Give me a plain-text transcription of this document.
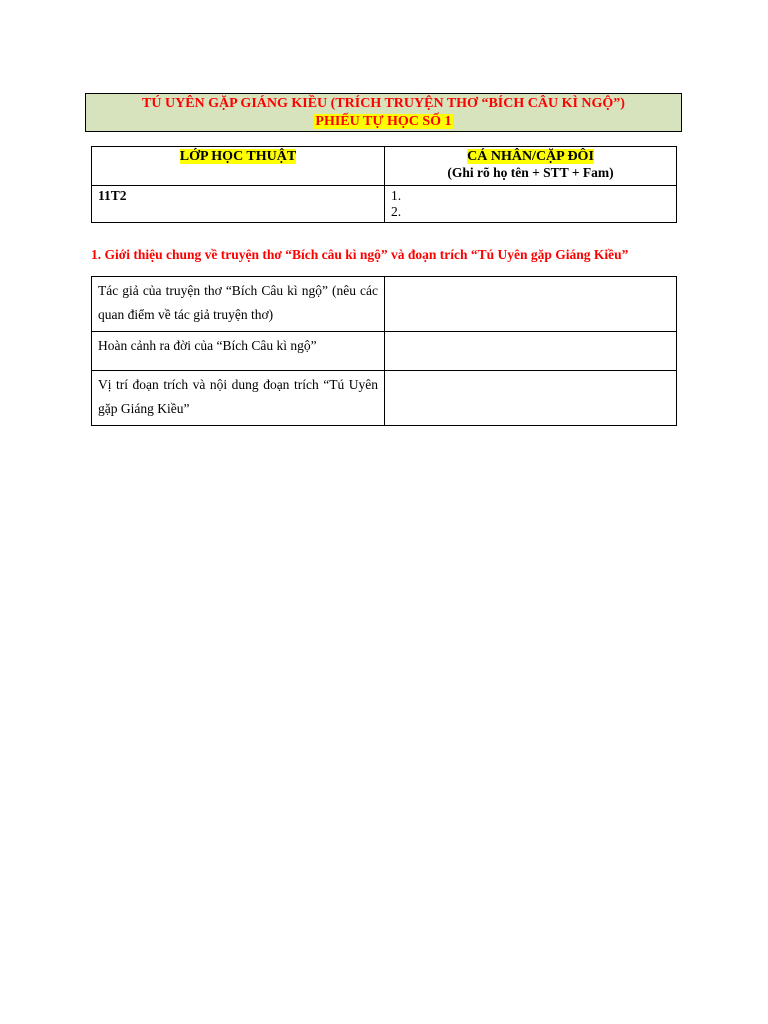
TÚ UYÊN GẶP GIÁNG KIỀU (TRÍCH TRUYỆN THƠ “BÍCH CÂU KÌ NGỘ”)
PHIẾU TỰ HỌC SỐ 1
LỚP HỌC THUẬT	CÁ NHÂN/CẶP ĐÔI
(Ghi rõ họ tên + STT + Fam)
11T2	1.
2.
1. Giới thiệu chung về truyện thơ “Bích câu kì ngộ” và đoạn trích “Tú Uyên gặp Giáng Kiều”
Tác giả của truyện thơ “Bích Câu kì ngộ” (nêu các quan điểm về tác giả truyện thơ)	
Hoàn cảnh ra đời của “Bích Câu kì ngộ”	
Vị trí đoạn trích và nội dung đoạn trích “Tú Uyên gặp Giáng Kiều”	
